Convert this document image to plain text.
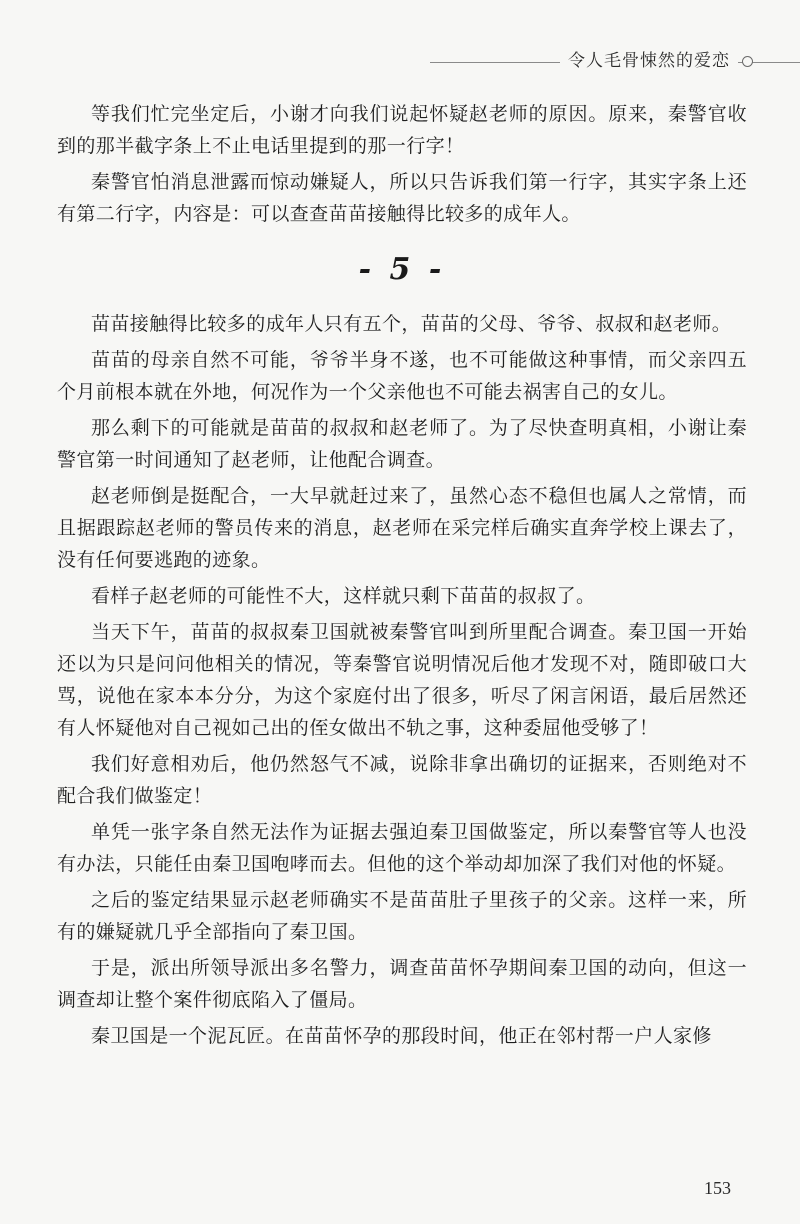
令人毛骨悚然的爱恋

等我们忙完坐定后，小谢才向我们说起怀疑赵老师的原因。原来，秦警官收到的那半截字条上不止电话里提到的那一行字！

秦警官怕消息泄露而惊动嫌疑人，所以只告诉我们第一行字，其实字条上还有第二行字，内容是：可以查查苗苗接触得比较多的成年人。

- 5 -

苗苗接触得比较多的成年人只有五个，苗苗的父母、爷爷、叔叔和赵老师。

苗苗的母亲自然不可能，爷爷半身不遂，也不可能做这种事情，而父亲四五个月前根本就在外地，何况作为一个父亲他也不可能去祸害自己的女儿。

那么剩下的可能就是苗苗的叔叔和赵老师了。为了尽快查明真相，小谢让秦警官第一时间通知了赵老师，让他配合调查。

赵老师倒是挺配合，一大早就赶过来了，虽然心态不稳但也属人之常情，而且据跟踪赵老师的警员传来的消息，赵老师在采完样后确实直奔学校上课去了，没有任何要逃跑的迹象。

看样子赵老师的可能性不大，这样就只剩下苗苗的叔叔了。

当天下午，苗苗的叔叔秦卫国就被秦警官叫到所里配合调查。秦卫国一开始还以为只是问问他相关的情况，等秦警官说明情况后他才发现不对，随即破口大骂，说他在家本本分分，为这个家庭付出了很多，听尽了闲言闲语，最后居然还有人怀疑他对自己视如己出的侄女做出不轨之事，这种委屈他受够了！

我们好意相劝后，他仍然怒气不减，说除非拿出确切的证据来，否则绝对不配合我们做鉴定！

单凭一张字条自然无法作为证据去强迫秦卫国做鉴定，所以秦警官等人也没有办法，只能任由秦卫国咆哮而去。但他的这个举动却加深了我们对他的怀疑。

之后的鉴定结果显示赵老师确实不是苗苗肚子里孩子的父亲。这样一来，所有的嫌疑就几乎全部指向了秦卫国。

于是，派出所领导派出多名警力，调查苗苗怀孕期间秦卫国的动向，但这一调查却让整个案件彻底陷入了僵局。

秦卫国是一个泥瓦匠。在苗苗怀孕的那段时间，他正在邻村帮一户人家修

153
